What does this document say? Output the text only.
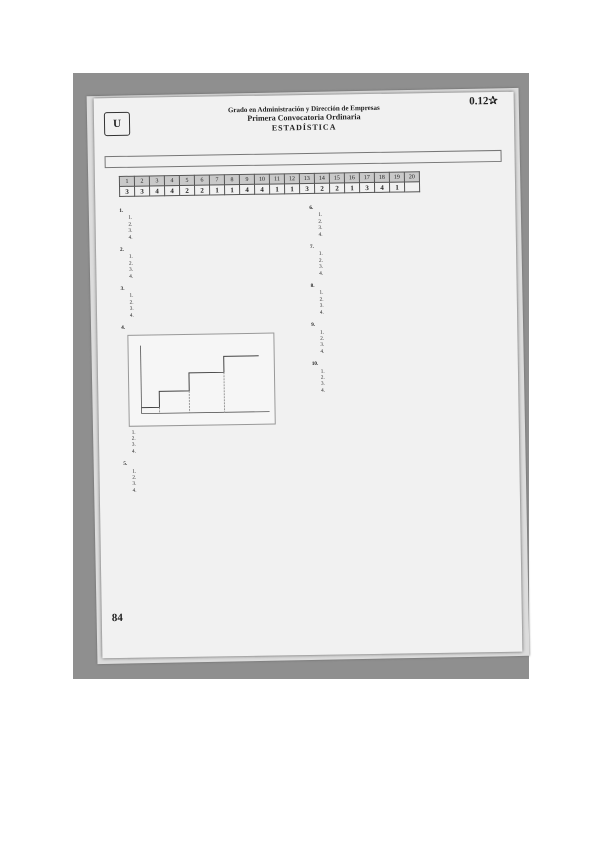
U
Grado en Administración y Dirección de Empresas
Primera Convocatoria Ordinaria
ESTADÍSTICA
0.12✰
1	2	3	4	5	6	7	8	9	10	11	12	13	14	15	16	17	18	19	20
3	3	4	4	2	2	1	1	4	4	1	1	3	2	2	1	3	4	1	

1.

1.
2.
3.
4.

2.

1.
2.
3.
4.

3.

1.
2.
3.
4.

4.

1.
2.
3.
4.

5.

1.
2.
3.
4.

6.

1.
2.
3.
4.

7.

1.
2.
3.
4.

8.

1.
2.
3.
4.

9.

1.
2.
3.
4.

10.

1.
2.
3.
4.
84
